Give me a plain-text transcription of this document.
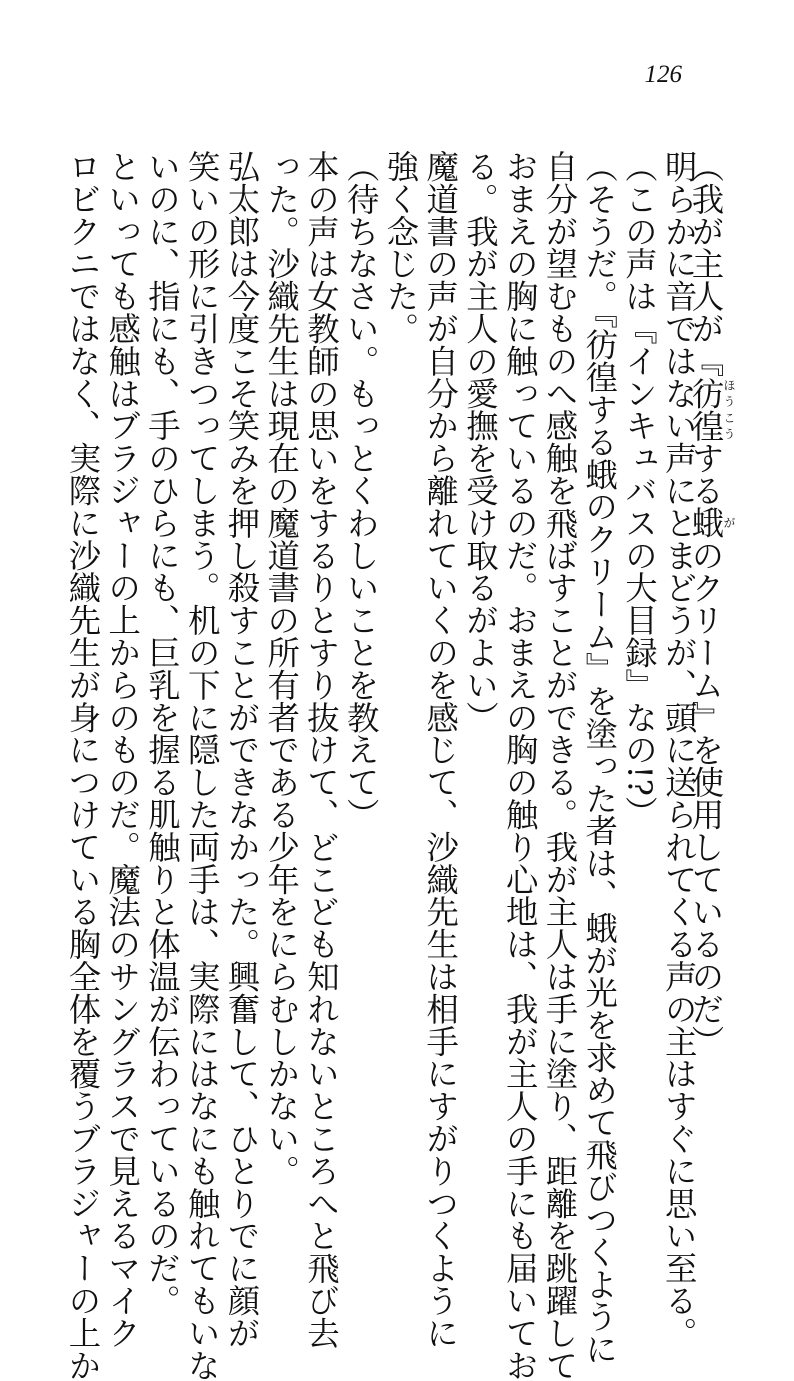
126
（我が主人が『彷徨ほうこうする蛾がのクリーム』を使用しているのだ）
明らかに音ではない声にとまどうが、頭に送られてくる声の主はすぐに思い至る。
（この声は『インキュバスの大目録』なの!?）
（そうだ。『彷徨する蛾のクリーム』を塗った者は、蛾が光を求めて飛びつくように
自分が望むものへ感触を飛ばすことができる。我が主人は手に塗り、距離を跳躍して
おまえの胸に触っているのだ。おまえの胸の触り心地は、我が主人の手にも届いてお
る。我が主人の愛撫を受け取るがよい）
魔道書の声が自分から離れていくのを感じて、沙織先生は相手にすがりつくように
強く念じた。
（待ちなさい。もっとくわしいことを教えて）
本の声は女教師の思いをするりとすり抜けて、どこども知れないところへと飛び去
った。沙織先生は現在の魔道書の所有者である少年をにらむしかない。
弘太郎は今度こそ笑みを押し殺すことができなかった。興奮して、ひとりでに顔が
笑いの形に引きつってしまう。机の下に隠した両手は、実際にはなにも触れてもいな
いのに、指にも、手のひらにも、巨乳を握る肌触りと体温が伝わっているのだ。
といっても感触はブラジャーの上からのものだ。魔法のサングラスで見えるマイク
ロビクニではなく、実際に沙織先生が身につけている胸全体を覆うブラジャーの上か
